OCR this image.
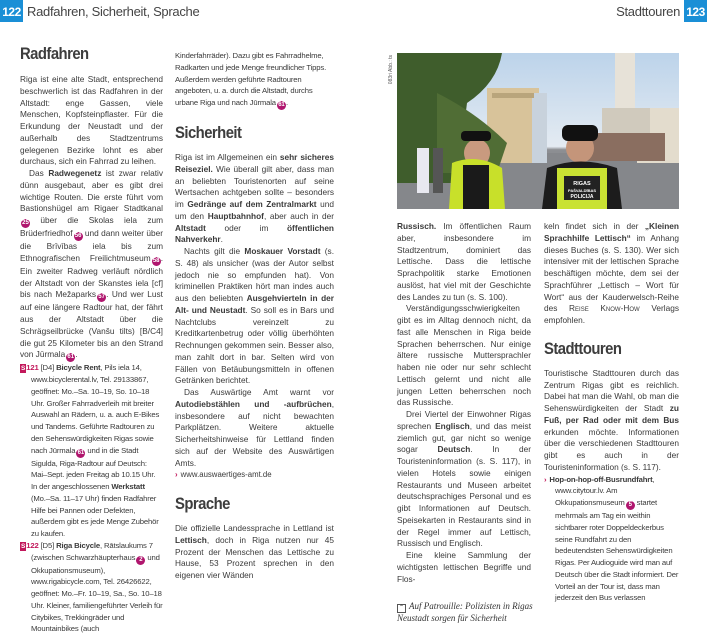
122 Radfahren, Sicherheit, Sprache	Stadttouren 123
Radfahren

Riga ist eine alte Stadt, entsprechend beschwerlich ist das Radfahren in der Altstadt: enge Gassen, viele Menschen, Kopfsteinpflaster. Für die Erkundung der Neustadt und der außerhalb des Stadtzentrums gelegenen Bezirke lohnt es aber durchaus, sich ein Fahrrad zu leihen.

Das Radwegenetz ist zwar relativ dünn ausgebaut, aber es gibt drei wichtige Routen. Die erste führt vom Bastionshügel am Rigaer Stadtkanal25 über die Skolas iela zum Brüderfriedhof 56 und dann weiter über die Brīvības iela bis zum Ethnografischen Freilichtmuseum 58. Ein zweiter Radweg verläuft nördlich der Altstadt von der Skanstes iela [cf] bis nach Mežaparks 57. Und wer Lust auf eine längere Radtour hat, der fährt aus der Altstadt über die Schrägseilbrücke (Vanšu tilts) [B/C4] die gut 25 Kilometer bis an den Strand von Jūrmala 61.

S121 [D4] Bicycle Rent, Pils iela 14, www.bicyclerental.lv, Tel. 29133867, geöffnet: Mo.–Sa. 10–19, So. 10–18 Uhr. Großer Fahrradverleih mit breiter Auswahl an Rädern, u. a. auch E-Bikes und Tandems. Geführte Radtouren zu den Sehenswürdigkeiten Rigas sowie nach Jūrmala 61 und in die Stadt Sigulda, Riga-Radtour auf Deutsch: Mai–Sept. jeden Freitag ab 10.15 Uhr. In der angeschlossenen Werkstatt (Mo.–Sa. 11–17 Uhr) finden Radfahrer Hilfe bei Pannen oder Defekten, außerdem gibt es jede Menge Zubehör zu kaufen.

S122 [D5] Riga Bicycle, Rātslaukums 7 (zwischen Schwarzhäupterhaus 2 und Okkupationsmuseum), www.rigabicycle.com, Tel. 26426622, geöffnet: Mo.–Fr. 10–19, Sa., So. 10–18 Uhr. Kleiner, familiengeführter Verleih für Citybikes, Trekkingräder und Mountainbikes (auch

Kinderfahrräder). Dazu gibt es Fahrradhelme, Radkarten und jede Menge freundlicher Tipps. Außerdem werden geführte Radtouren angeboten, u. a. durch die Altstadt, durchs urbane Riga und nach Jūrmala 61.

Sicherheit

Riga ist im Allgemeinen ein sehr sicheres Reiseziel. Wie überall gilt aber, dass man an beliebten Touristenorten auf seine Wertsachen achtgeben sollte – besonders im Gedränge auf dem Zentralmarkt und um den Hauptbahnhof, aber auch in der Altstadt oder im öffentlichen Nahverkehr.

Nachts gilt die Moskauer Vorstadt (s. S. 48) als unsicher (was der Autor selbst jedoch nie so empfunden hat). Von kriminellen Praktiken hört man indes auch aus den beliebten Ausgehvierteln in der Alt- und Neustadt. So soll es in Bars und Nachtclubs vereinzelt zu Kreditkartenbetrug oder völlig überhöhten Rechnungen gekommen sein. Besser also, man zahlt dort in bar. Selten wird von Fällen von Betäubungsmitteln in offenen Getränken berichtet.

Das Auswärtige Amt warnt vor Autodiebstählen und -aufbrüchen, insbesondere auf nicht bewachten Parkplätzen. Weitere aktuelle Sicherheitshinweise für Lettland finden sich auf der Website des Auswärtigen Amts.

› www.auswaertiges-amt.de

Sprache

Die offizielle Landessprache in Lettland ist Lettisch, doch in Riga nutzen nur 45 Prozent der Menschen das Lettische zu Hause, 53 Prozent sprechen in den eigenen vier Wänden

083ri Abb.: ts
RIGAS
PAŠVALDĪBAS
POLICIJA

Russisch. Im öffentlichen Raum aber, insbesondere im Stadtzentrum, dominiert das Lettische. Dass die lettische Sprachpolitik starke Emotionen auslöst, hat viel mit der Geschichte des Landes zu tun (s. S. 100).

Verständigungsschwierigkeiten gibt es im Alltag dennoch nicht, da fast alle Menschen in Riga beide Sprachen beherrschen. Nur einige ältere russische Muttersprachler haben nie oder nur sehr schlecht Lettisch gelernt und nicht alle jungen Letten beherrschen noch das Russische.

Drei Viertel der Einwohner Rigas sprechen Englisch, und das meist ziemlich gut, gar nicht so wenige sogar Deutsch. In der Touristeninformation (s. S. 117), in vielen Hotels sowie einigen Restaurants und Museen arbeitet deutschsprachiges Personal und es gibt Informationen auf Deutsch. Speisekarten in Restaurants sind in der Regel immer auf Lettisch, Russisch und Englisch.

Eine kleine Sammlung der wichtigsten lettischen Begriffe und Flos-

⌃ Auf Patrouille: Polizisten in Rigas Neustadt sorgen für Sicherheit

keln findet sich in der „Kleinen Sprachhilfe Lettisch“ im Anhang dieses Buches (s. S. 130). Wer sich intensiver mit der lettischen Sprache beschäftigen möchte, dem sei der Sprachführer „Lettisch – Wort für Wort“ aus der Kauderwelsch-Reihe des Reise Know-How Verlags empfohlen.

Stadttouren

Touristische Stadttouren durch das Zentrum Rigas gibt es reichlich. Dabei hat man die Wahl, ob man die Sehenswürdigkeiten der Stadt zu Fuß, per Rad oder mit dem Bus erkunden möchte. Informationen über die verschiedenen Stadttouren gibt es auch in der Touristeninformation (s. S. 117).

› Hop-on-hop-off-Busrundfahrt, www.citytour.lv. Am Okkupationsmuseum 5 startet mehrmals am Tag ein weithin sichtbarer roter Doppeldeckerbus seine Rundfahrt zu den bedeutendsten Sehenswürdigkeiten Rigas. Per Audioguide wird man auf Deutsch über die Stadt informiert. Der Vorteil an der Tour ist, dass man jederzeit den Bus verlassen
